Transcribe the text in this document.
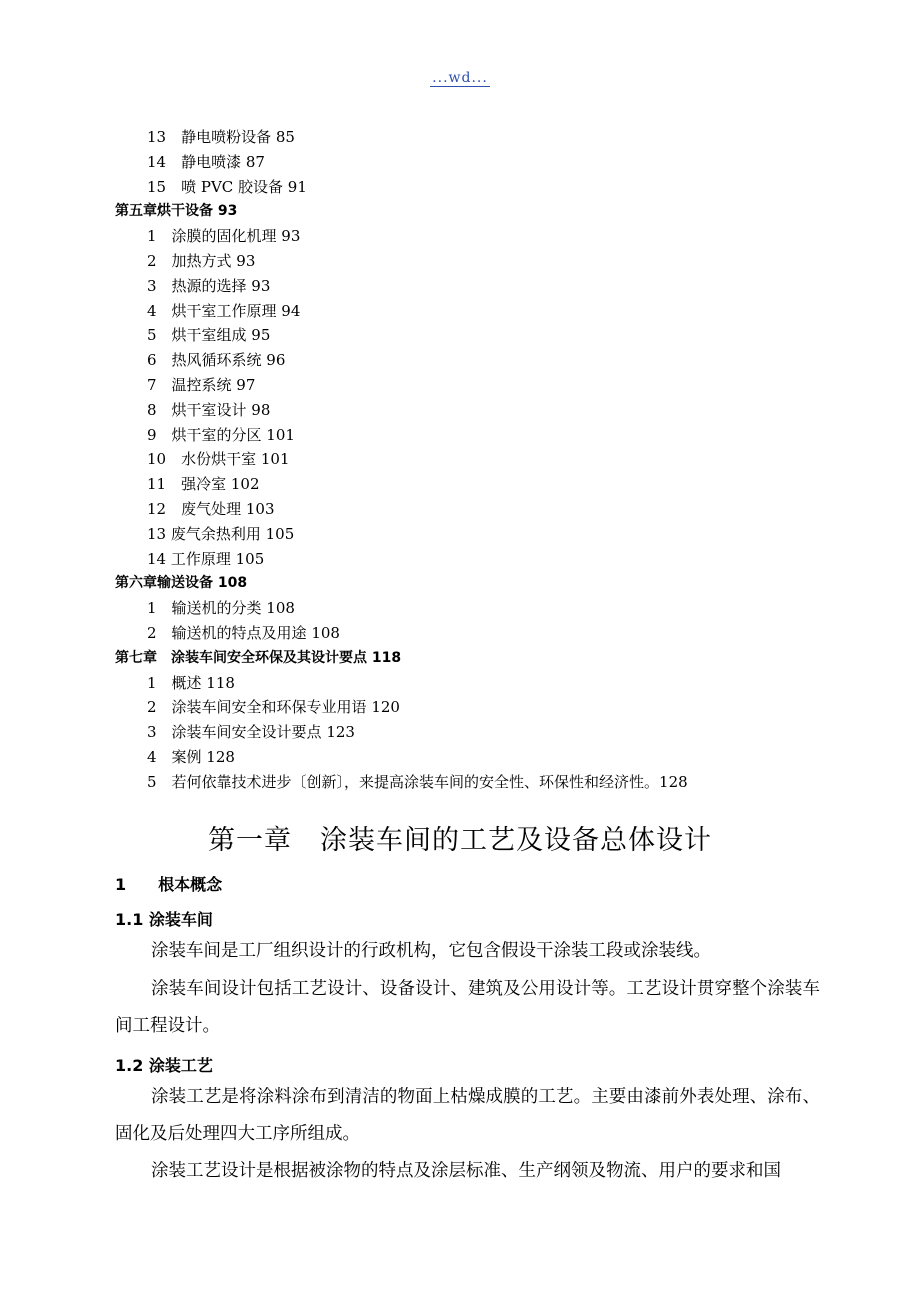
...wd...
13　静电喷粉设备 85
14　静电喷漆 87
15　喷 PVC 胶设备 91
第五章烘干设备 93
1　涂膜的固化机理 93
2　加热方式 93
3　热源的选择 93
4　烘干室工作原理 94
5　烘干室组成 95
6　热风循环系统 96
7　温控系统 97
8　烘干室设计 98
9　烘干室的分区 101
10　水份烘干室 101
11　强冷室 102
12　废气处理 103
13 废气余热利用 105
14 工作原理 105
第六章输送设备 108
1　输送机的分类 108
2　输送机的特点及用途 108
第七章　涂装车间安全环保及其设计要点 118
1　概述 118
2　涂装车间安全和环保专业用语 120
3　涂装车间安全设计要点 123
4　案例 128
5　若何依靠技术进步〔创新〕，来提高涂装车间的安全性、环保性和经济性。128
第一章　涂装车间的工艺及设备总体设计
1　　根本概念
1.1 涂装车间
涂装车间是工厂组织设计的行政机构，它包含假设干涂装工段或涂装线。
涂装车间设计包括工艺设计、设备设计、建筑及公用设计等。工艺设计贯穿整个涂装车间工程设计。
1.2 涂装工艺
涂装工艺是将涂料涂布到清洁的物面上枯燥成膜的工艺。主要由漆前外表处理、涂布、固化及后处理四大工序所组成。
涂装工艺设计是根据被涂物的特点及涂层标准、生产纲领及物流、用户的要求和国
